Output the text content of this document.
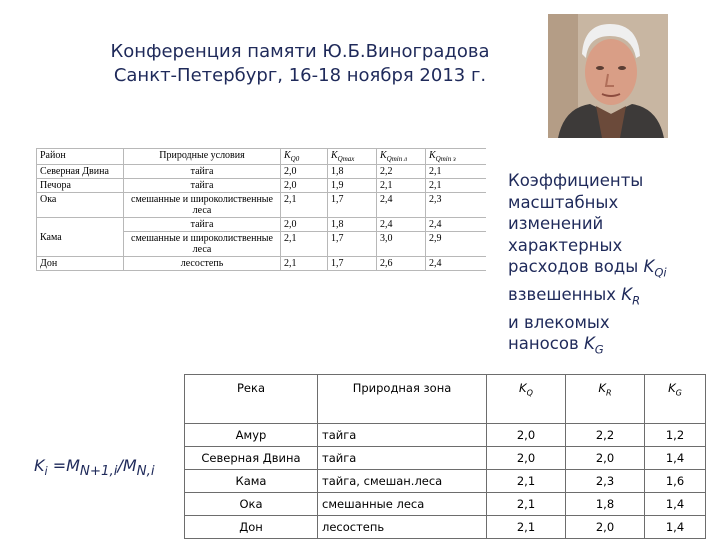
Конференция памяти Ю.Б.Виноградова
Санкт-Петербург, 16-18 ноября 2013 г.
Район	Природные условия	$K_{Q0}$	$K_{Qmax}$	$K_{Qmin л}$	$K_{Qmin з}$
Северная Двина	тайга	2,0	1,8	2,2	2,1
Печора	тайга	2,0	1,9	2,1	2,1
Ока	смешанные и широколиственные леса	2,1	1,7	2,4	2,3
Кама	тайга	2,0	1,8	2,4	2,4
	смешанные и широколиственные леса	2,1	1,7	3,0	2,9
Дон	лесостепь	2,1	1,7	2,6	2,4
Коэффициенты
масштабных
изменений
характерных
расходов воды $K_{Qi}$
взвешенных $K_R$
и влекомых
наносов $K_G$
$K_i =M_{N+1,i}/M_{N,i}$
Река	Природная зона	$K_Q$	$K_R$	$K_G$
Амур	тайга	2,0	2,2	1,2
Северная Двина	тайга	2,0	2,0	1,4
Кама	тайга, смешан.леса	2,1	2,3	1,6
Ока	смешанные леса	2,1	1,8	1,4
Дон	лесостепь	2,1	2,0	1,4
